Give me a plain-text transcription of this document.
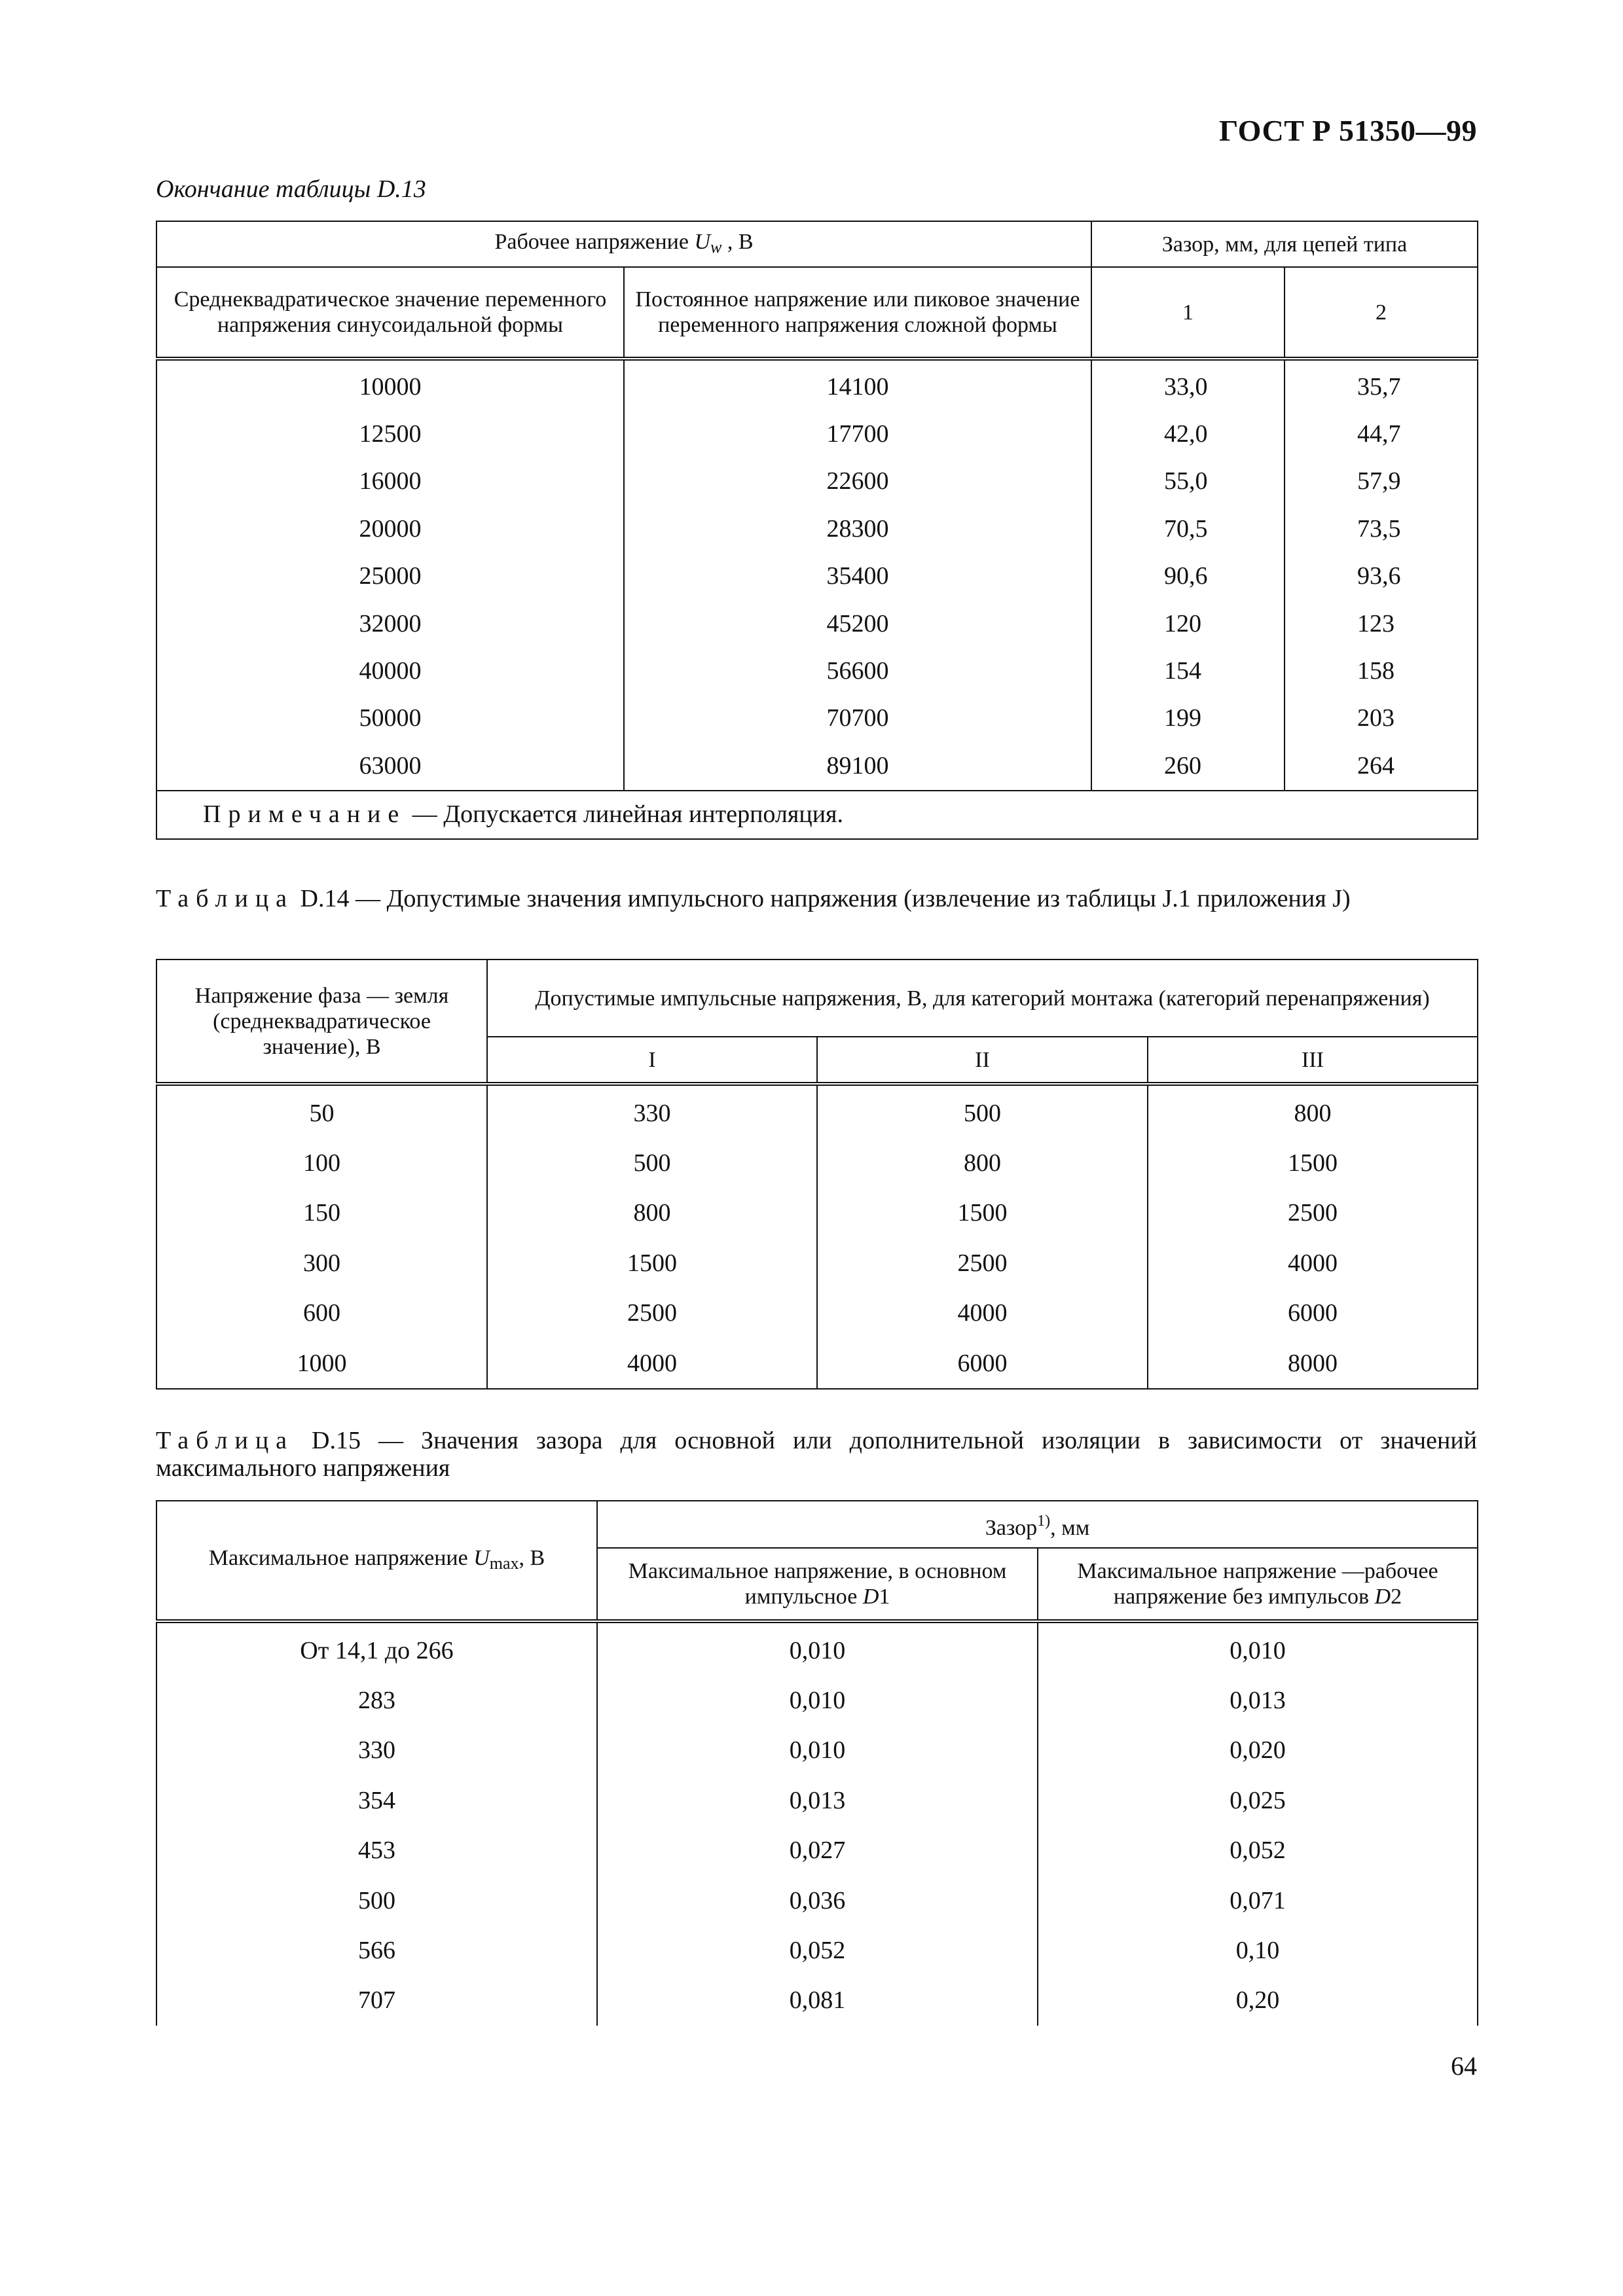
ГОСТ Р 51350—99
Окончание таблицы D.13
Рабочее напряжение $U_w$ , В		Зазор, мм, для цепей типа	
Среднеквадратическое значение переменного напряжения синусоидальной формы	Постоянное напряжение или пиковое значение переменного напряжения сложной формы	1	2
10000	14100	33,0	35,7
12500	17700	42,0	44,7
16000	22600	55,0	57,9
20000	28300	70,5	73,5
25000	35400	90,6	93,6
32000	45200	120	123
40000	56600	154	158
50000	70700	199	203
63000	89100	260	264
Примечание — Допускается линейная интерполяция.			
Таблица D.14 — Допустимые значения импульсного напряжения (извлечение из таблицы J.1 приложения J)
Напряжение фаза — земля (среднеквадратическое значение), В	Допустимые импульсные напряжения, В, для категорий монтажа (категорий перенапряжения)		
	I	II	III
50	330	500	800
100	500	800	1500
150	800	1500	2500
300	1500	2500	4000
600	2500	4000	6000
1000	4000	6000	8000
Таблица D.15 — Значения зазора для основной или дополнительной изоляции в зависимости от значений максимального напряжения
Максимальное напряжение $U_{max}$, В	Зазор$^{1)}$, мм	
	Максимальное напряжение, в основном импульсное D1	Максимальное напряжение —рабочее напряжение без импульсов D2
От 14,1 до 266	0,010	0,010
283	0,010	0,013
330	0,010	0,020
354	0,013	0,025
453	0,027	0,052
500	0,036	0,071
566	0,052	0,10
707	0,081	0,20
64
